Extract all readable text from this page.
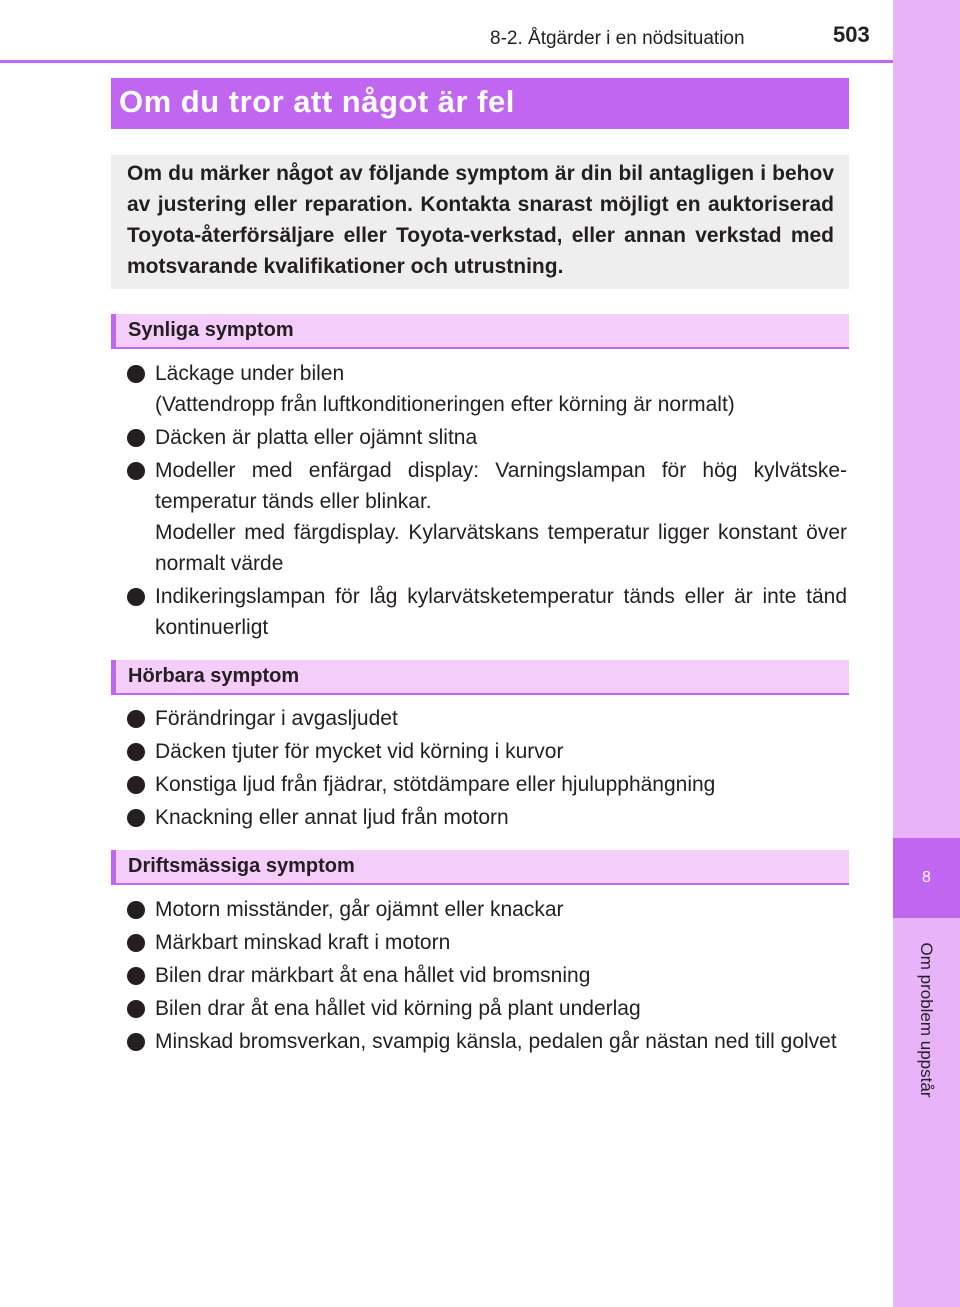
8-2. Åtgärder i en nödsituation	503
8
Om problem uppstår
Om du tror att något är fel
Om du märker något av följande symptom är din bil antagligen i behov av justering eller reparation. Kontakta snarast möjligt en auktoriserad Toyota-återförsäljare eller Toyota-verkstad, eller annan verkstad med motsvarande kvalifikationer och utrustning.
Synliga symptom
Läckage under bilen
(Vattendropp från luftkonditioneringen efter körning är normalt)
Däcken är platta eller ojämnt slitna
Modeller med enfärgad display: Varningslampan för hög kylvätske-temperatur tänds eller blinkar.
Modeller med färgdisplay. Kylarvätskans temperatur ligger konstant över normalt värde
Indikeringslampan för låg kylarvätsketemperatur tänds eller är inte tänd kontinuerligt
Hörbara symptom
Förändringar i avgasljudet
Däcken tjuter för mycket vid körning i kurvor
Konstiga ljud från fjädrar, stötdämpare eller hjulupphängning
Knackning eller annat ljud från motorn
Driftsmässiga symptom
Motorn misständer, går ojämnt eller knackar
Märkbart minskad kraft i motorn
Bilen drar märkbart åt ena hållet vid bromsning
Bilen drar åt ena hållet vid körning på plant underlag
Minskad bromsverkan, svampig känsla, pedalen går nästan ned till golvet
